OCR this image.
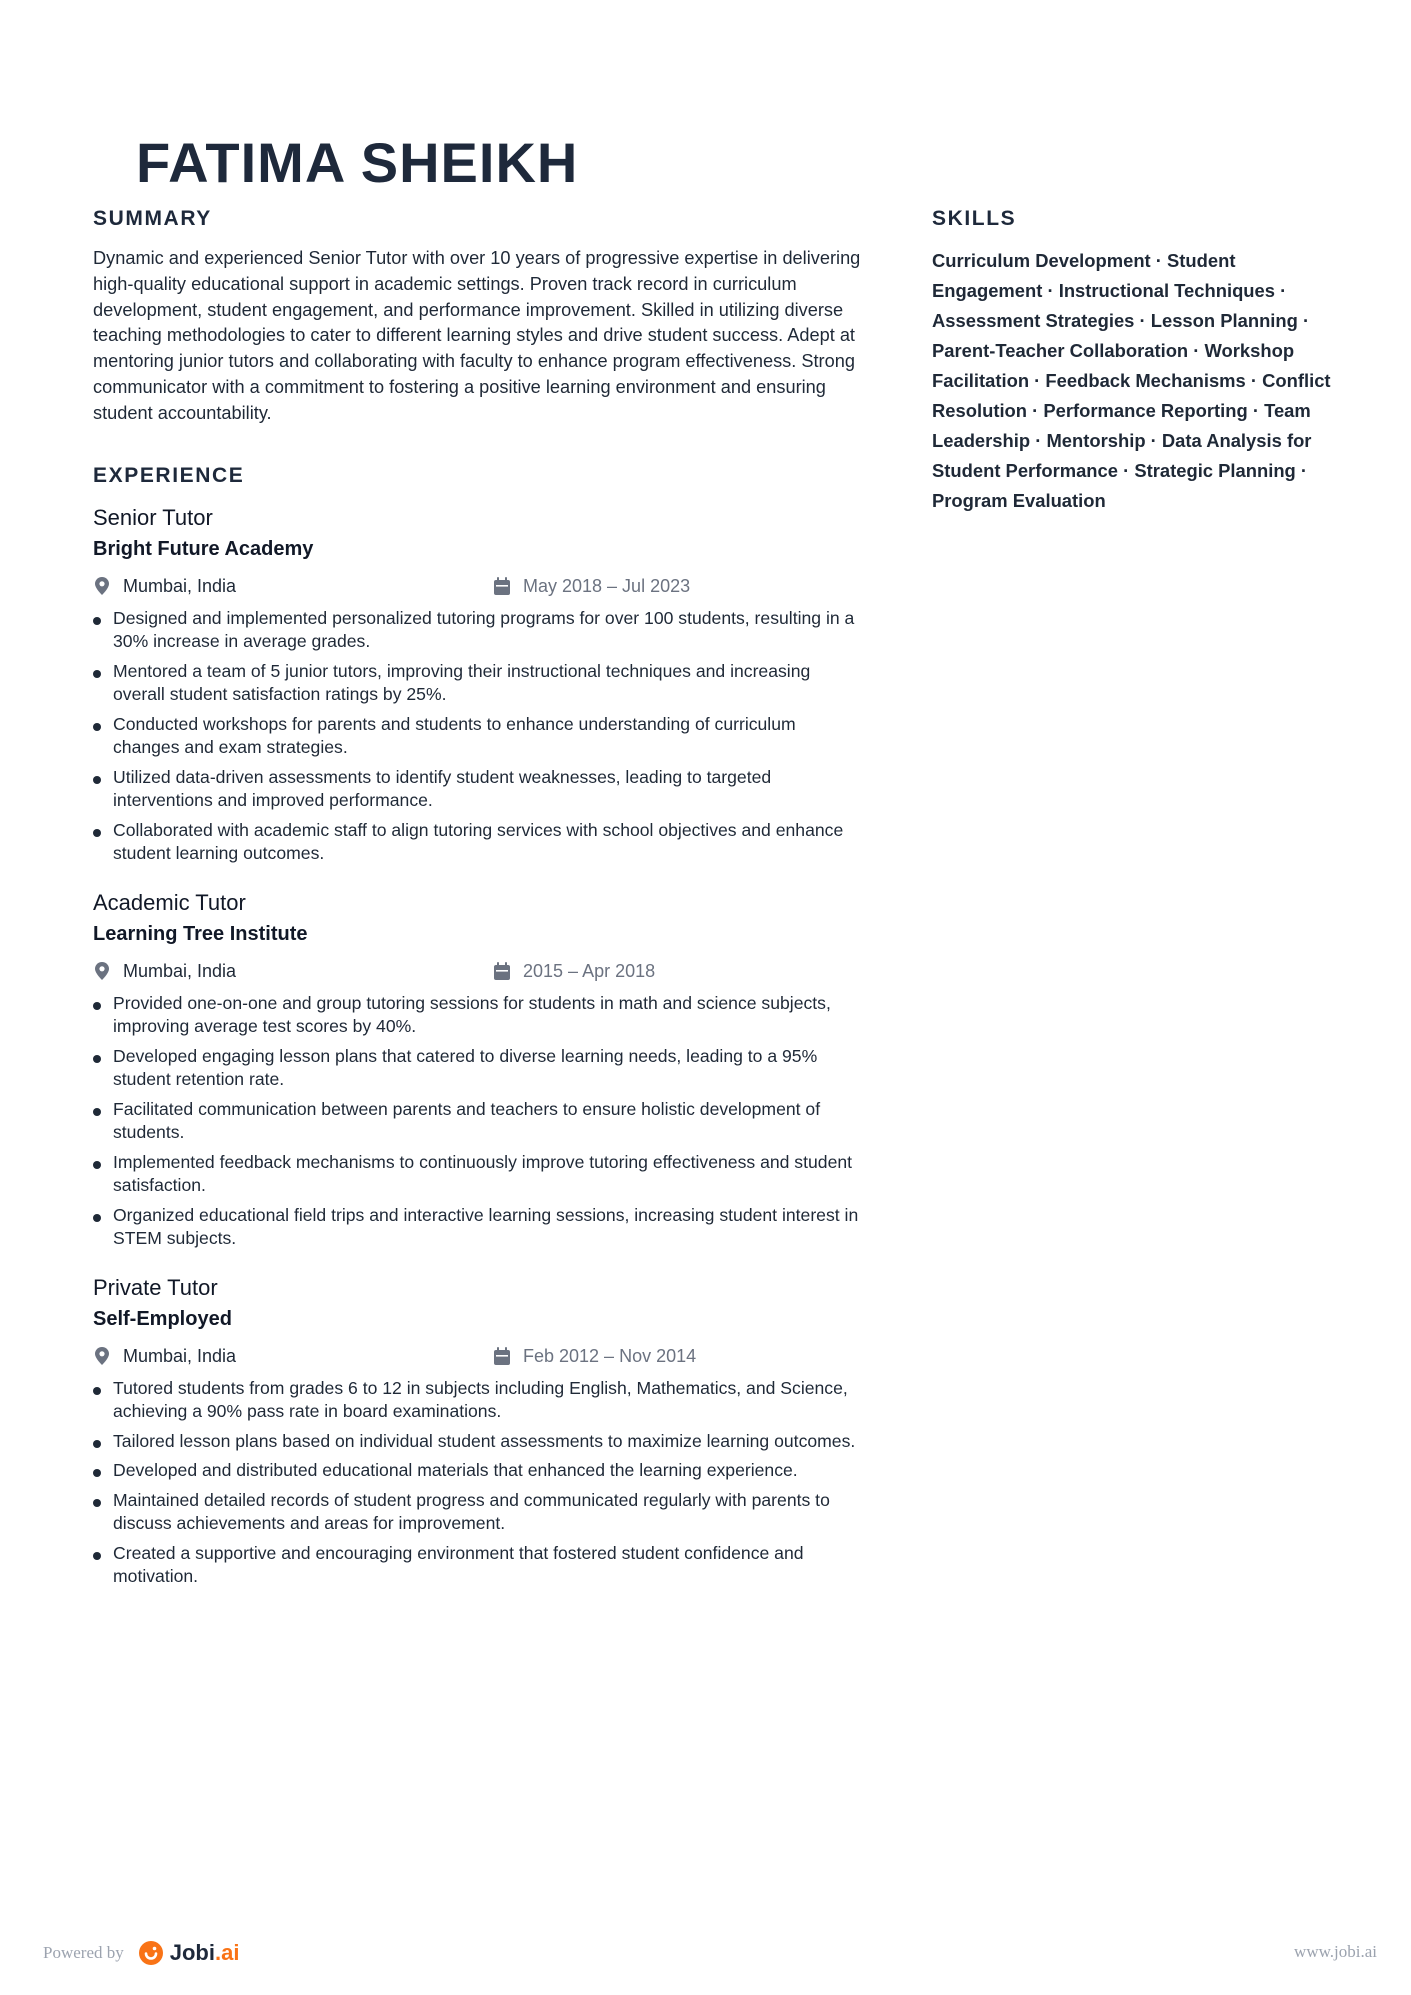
FATIMA SHEIKH
SUMMARY

Dynamic and experienced Senior Tutor with over 10 years of progressive expertise in delivering high-quality educational support in academic settings. Proven track record in curriculum development, student engagement, and performance improvement. Skilled in utilizing diverse teaching methodologies to cater to different learning styles and drive student success. Adept at mentoring junior tutors and collaborating with faculty to enhance program effectiveness. Strong communicator with a commitment to fostering a positive learning environment and ensuring student accountability.

EXPERIENCE
Senior Tutor
Bright Future Academy
Mumbai, India	May 2018 – Jul 2023
Designed and implemented personalized tutoring programs for over 100 students, resulting in a 30% increase in average grades.
Mentored a team of 5 junior tutors, improving their instructional techniques and increasing overall student satisfaction ratings by 25%.
Conducted workshops for parents and students to enhance understanding of curriculum changes and exam strategies.
Utilized data-driven assessments to identify student weaknesses, leading to targeted interventions and improved performance.
Collaborated with academic staff to align tutoring services with school objectives and enhance student learning outcomes.
Academic Tutor
Learning Tree Institute
Mumbai, India	2015 – Apr 2018
Provided one-on-one and group tutoring sessions for students in math and science subjects, improving average test scores by 40%.
Developed engaging lesson plans that catered to diverse learning needs, leading to a 95% student retention rate.
Facilitated communication between parents and teachers to ensure holistic development of students.
Implemented feedback mechanisms to continuously improve tutoring effectiveness and student satisfaction.
Organized educational field trips and interactive learning sessions, increasing student interest in STEM subjects.
Private Tutor
Self-Employed
Mumbai, India	Feb 2012 – Nov 2014
Tutored students from grades 6 to 12 in subjects including English, Mathematics, and Science, achieving a 90% pass rate in board examinations.
Tailored lesson plans based on individual student assessments to maximize learning outcomes.
Developed and distributed educational materials that enhanced the learning experience.
Maintained detailed records of student progress and communicated regularly with parents to discuss achievements and areas for improvement.
Created a supportive and encouraging environment that fostered student confidence and motivation.
SKILLS

Curriculum Development · Student Engagement · Instructional Techniques · Assessment Strategies · Lesson Planning · Parent-Teacher Collaboration · Workshop Facilitation · Feedback Mechanisms · Conflict Resolution · Performance Reporting · Team Leadership · Mentorship · Data Analysis for Student Performance · Strategic Planning · Program Evaluation

Powered by Jobi .ai	www.jobi.ai
